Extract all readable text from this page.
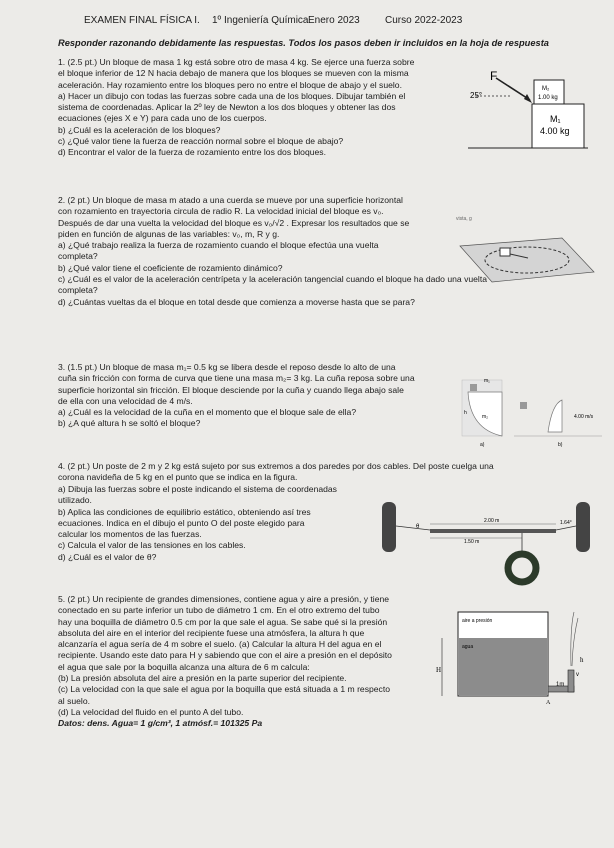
EXAMEN FINAL FÍSICA I. 1º Ingeniería Química Enero 2023	Curso 2022-2023
Responder razonando debidamente las respuestas. Todos los pasos deben ir incluidos en la hoja de respuesta

1. (2.5 pt.) Un bloque de masa 1 kg está sobre otro de masa 4 kg. Se ejerce una fuerza sobre

el bloque inferior de 12 N hacia debajo de manera que los bloques se mueven con la misma

aceleración. Hay rozamiento entre los bloques pero no entre el bloque de abajo y el suelo.

a) Hacer un dibujo con todas las fuerzas sobre cada una de los bloques. Dibujar también el

sistema de coordenadas. Aplicar la 2º ley de Newton a los dos bloques y obtener las dos

ecuaciones (ejes X e Y) para cada uno de los cuerpos.

b) ¿Cuál es la aceleración de los bloques?

c) ¿Qué valor tiene la fuerza de reacción normal sobre el bloque de abajo?

d) Encontrar el valor de la fuerza de rozamiento entre los dos bloques.

F
25°
M₂
1.00 kg
M₁
4.00 kg

2. (2 pt.) Un bloque de masa m atado a una cuerda se mueve por una superficie horizontal

con rozamiento en trayectoria circula de radio R. La velocidad inicial del bloque es v₀.

Después de dar una vuelta la velocidad del bloque es v₀/√2 . Expresar los resultados que se

piden en función de algunas de las variables: v₀, m, R y g.

a) ¿Qué trabajo realiza la fuerza de rozamiento cuando el bloque efectúa una vuelta

completa?

b) ¿Qué valor tiene el coeficiente de rozamiento dinámico?

c) ¿Cuál es el valor de la aceleración centrípeta y la aceleración tangencial cuando el bloque ha dado una vuelta

completa?

d) ¿Cuántas vueltas da el bloque en total desde que comienza a moverse hasta que se para?

vista, g

3. (1.5 pt.) Un bloque de masa m₁= 0.5 kg se libera desde el reposo desde lo alto de una

cuña sin fricción con forma de curva que tiene una masa m₂= 3 kg. La cuña reposa sobre una

superficie horizontal sin fricción. El bloque desciende por la cuña y cuando llega abajo sale

de ella con una velocidad de 4 m/s.

a) ¿Cuál es la velocidad de la cuña en el momento que el bloque sale de ella?

b) ¿A qué altura h se soltó el bloque?

m₁
h
m₂
a)
4.00 m/s
b)

4. (2 pt.) Un poste de 2 m y 2 kg está sujeto por sus extremos a dos paredes por dos cables. Del poste cuelga una

corona navideña de 5 kg en el punto que se indica en la figura.

a) Dibuja las fuerzas sobre el poste indicando el sistema de coordenadas

utilizado.

b) Aplica las condiciones de equilibrio estático, obteniendo así tres

ecuaciones. Indica en el dibujo el punto O del poste elegido para

calcular los momentos de las fuerzas.

c) Calcula el valor de las tensiones en los cables.

d) ¿Cuál es el valor de θ?

2.00 m
1.50 m
θ
1.64°

5. (2 pt.) Un recipiente de grandes dimensiones, contiene agua y aire a presión, y tiene

conectado en su parte inferior un tubo de diámetro 1 cm. En el otro extremo del tubo

hay una boquilla de diámetro 0.5 cm por la que sale el agua. Se sabe qué si la presión

absoluta del aire en el interior del recipiente fuese una atmósfera, la altura h que

alcanzaría el agua sería de 4 m sobre el suelo. (a) Calcular la altura H del agua en el

recipiente. Usando este dato para H y sabiendo que con el aire a presión en el depósito

el agua que sale por la boquilla alcanza una altura de 6 m calcula:

(b) La presión absoluta del aire a presión en la parte superior del recipiente.

(c) La velocidad con la que sale el agua por la boquilla que está situada a 1 m respecto

al suelo.

(d) La velocidad del fluido en el punto A del tubo.

Datos: dens. Agua= 1 g/cm³, 1 atmósf.= 101325 Pa

H
aire a presión
agua
1m
v
h
A
